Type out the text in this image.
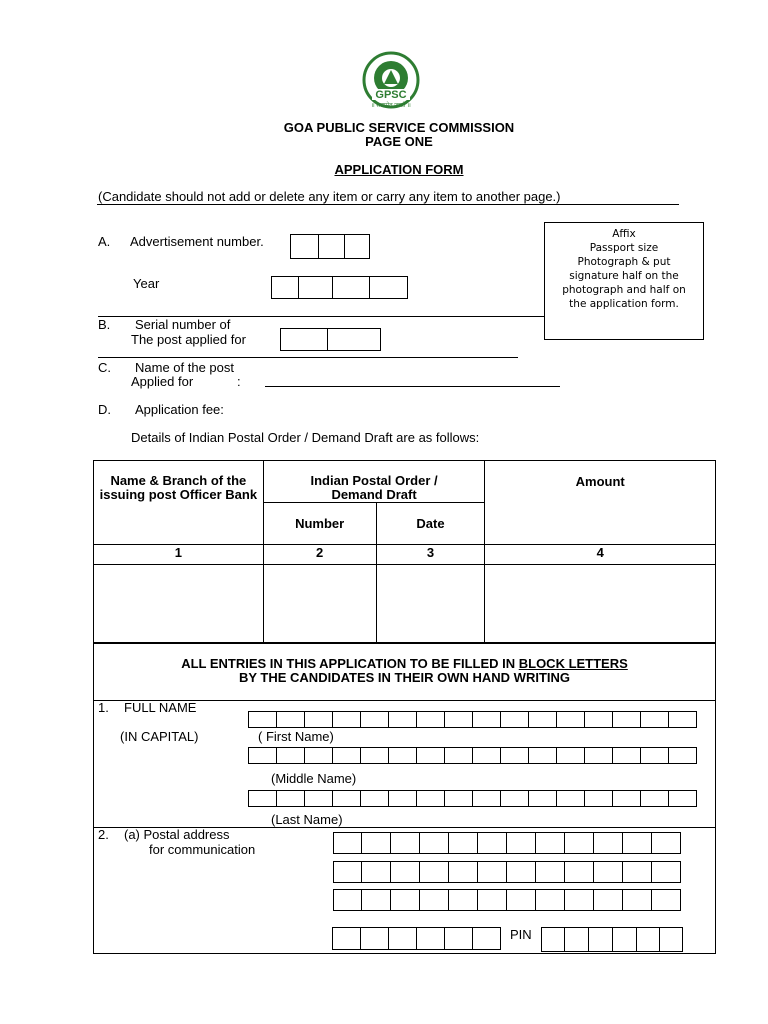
GPSC
॥ सत्यमेव जयते ॥
GOA PUBLIC SERVICE COMMISSION
PAGE ONE
APPLICATION FORM
(Candidate should not add or delete any item or carry any item to another page.)
A. Advertisement number.
Year
Affix
Passport size
Photograph & put
signature half on the
photograph and half on
the application form.
B. Serial number of
The post applied for
C. Name of the post
Applied for	:
D. Application fee:
Details of Indian Postal Order / Demand Draft are as follows:
Name & Branch of the issuing post Officer Bank	Indian Postal Order / Demand Draft		Amount
	Number	Date	
1	2	3	4

ALL ENTRIES IN THIS APPLICATION TO BE FILLED IN BLOCK LETTERS
BY THE CANDIDATES IN THEIR OWN HAND WRITING
1. FULL NAME
(IN CAPITAL)	( First Name)
(Middle Name)
(Last Name)
2. (a) Postal address
for communication
PIN
